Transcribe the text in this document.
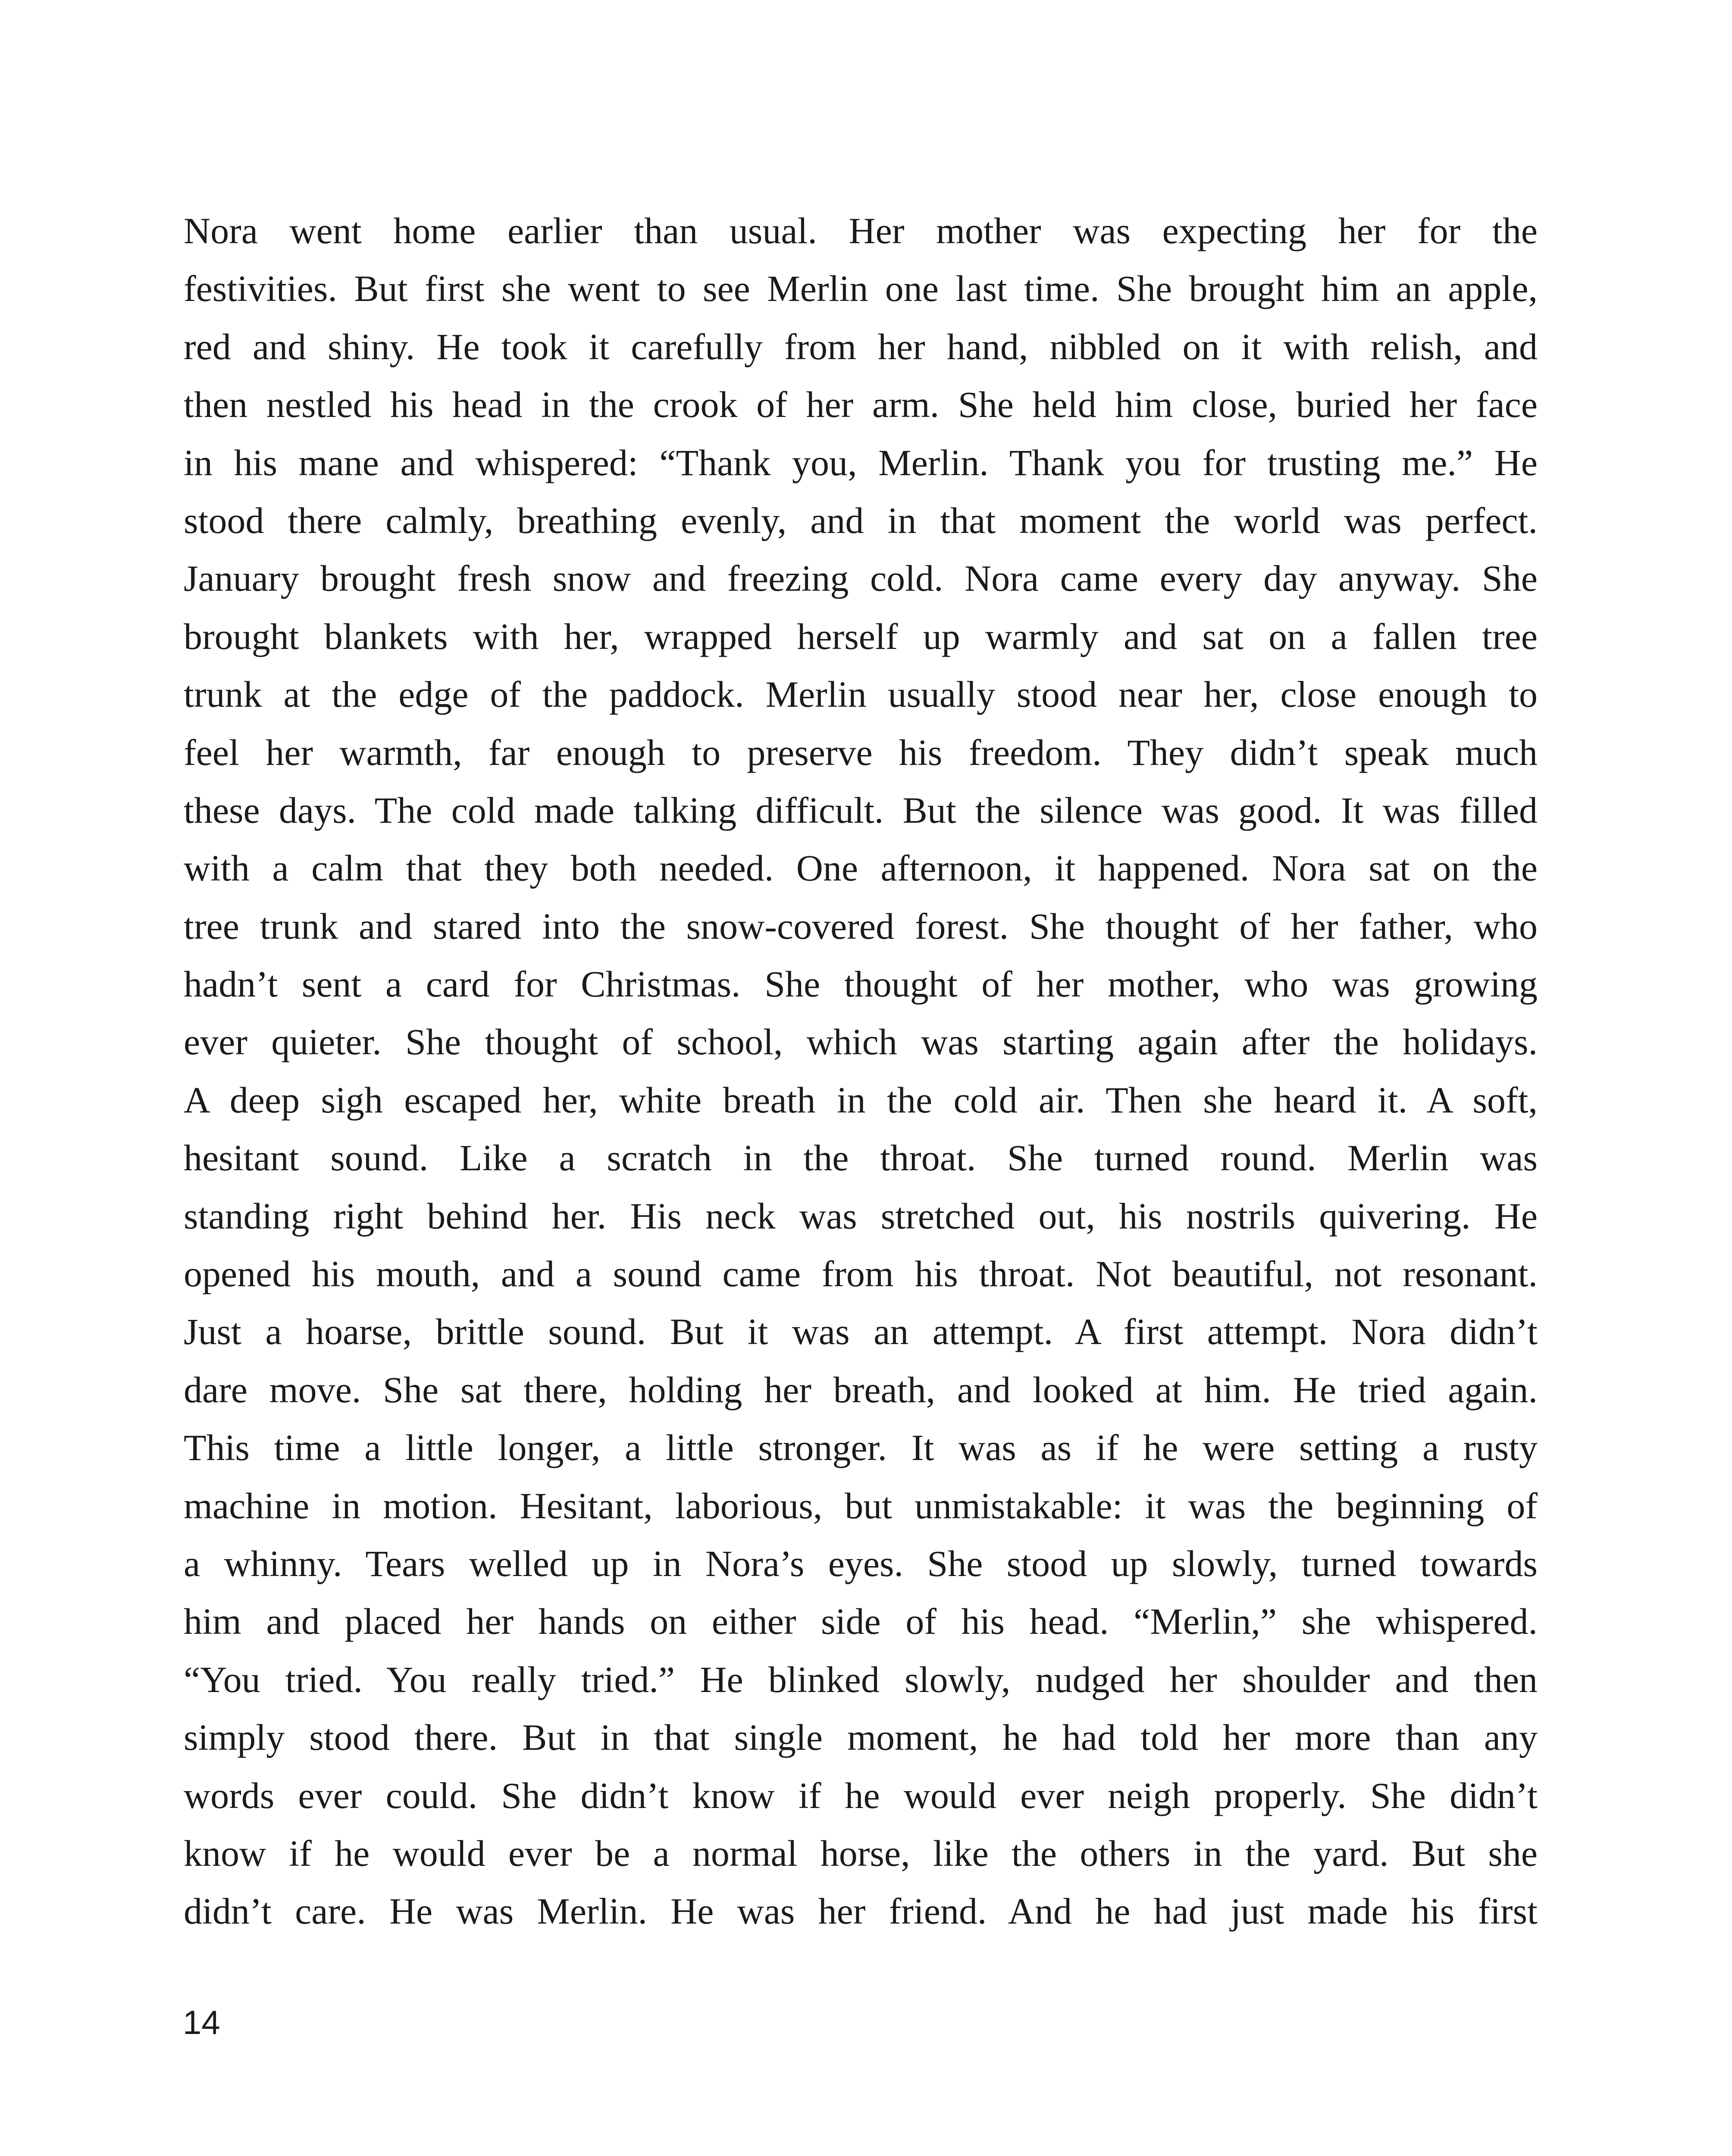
Nora went home earlier than usual. Her mother was expecting her for the
festivities. But first she went to see Merlin one last time. She brought him an apple,
red and shiny. He took it carefully from her hand, nibbled on it with relish, and
then nestled his head in the crook of her arm. She held him close, buried her face
in his mane and whispered: “Thank you, Merlin. Thank you for trusting me.” He
stood there calmly, breathing evenly, and in that moment the world was perfect.
January brought fresh snow and freezing cold. Nora came every day anyway. She
brought blankets with her, wrapped herself up warmly and sat on a fallen tree
trunk at the edge of the paddock. Merlin usually stood near her, close enough to
feel her warmth, far enough to preserve his freedom. They didn’t speak much
these days. The cold made talking difficult. But the silence was good. It was filled
with a calm that they both needed. One afternoon, it happened. Nora sat on the
tree trunk and stared into the snow-covered forest. She thought of her father, who
hadn’t sent a card for Christmas. She thought of her mother, who was growing
ever quieter. She thought of school, which was starting again after the holidays.
A deep sigh escaped her, white breath in the cold air. Then she heard it. A soft,
hesitant sound. Like a scratch in the throat. She turned round. Merlin was
standing right behind her. His neck was stretched out, his nostrils quivering. He
opened his mouth, and a sound came from his throat. Not beautiful, not resonant.
Just a hoarse, brittle sound. But it was an attempt. A first attempt. Nora didn’t
dare move. She sat there, holding her breath, and looked at him. He tried again.
This time a little longer, a little stronger. It was as if he were setting a rusty
machine in motion. Hesitant, laborious, but unmistakable: it was the beginning of
a whinny. Tears welled up in Nora’s eyes. She stood up slowly, turned towards
him and placed her hands on either side of his head. “Merlin,” she whispered.
“You tried. You really tried.” He blinked slowly, nudged her shoulder and then
simply stood there. But in that single moment, he had told her more than any
words ever could. She didn’t know if he would ever neigh properly. She didn’t
know if he would ever be a normal horse, like the others in the yard. But she
didn’t care. He was Merlin. He was her friend. And he had just made his first
14
